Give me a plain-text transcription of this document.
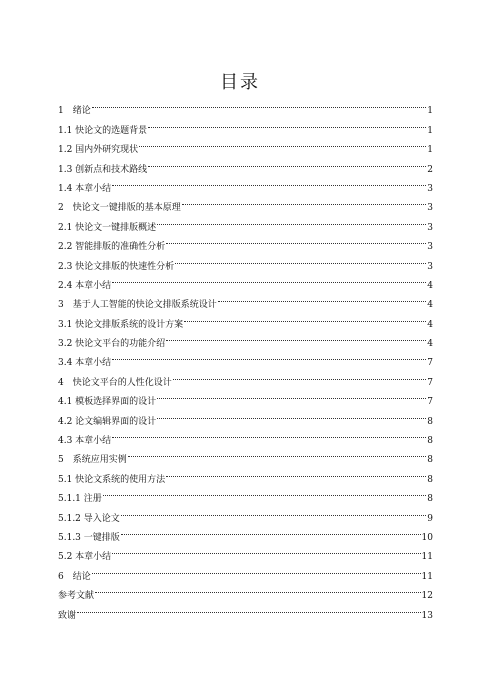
目录
1　绪论	1
1.1 快论文的选题背景	1
1.2 国内外研究现状	1
1.3 创新点和技术路线	2
1.4 本章小结	3
2　快论文一键排版的基本原理	3
2.1 快论文一键排版概述	3
2.2 智能排版的准确性分析	3
2.3 快论文排版的快速性分析	3
2.4 本章小结	4
3　基于人工智能的快论文排版系统设计	4
3.1 快论文排版系统的设计方案	4
3.2 快论文平台的功能介绍	4
3.4 本章小结	7
4　快论文平台的人性化设计	7
4.1 模板选择界面的设计	7
4.2 论文编辑界面的设计	8
4.3 本章小结	8
5　系统应用实例	8
5.1 快论文系统的使用方法	8
5.1.1 注册	8
5.1.2 导入论文	9
5.1.3 一键排版	10
5.2 本章小结	11
6　结论	11
参考文献	12
致谢	13
